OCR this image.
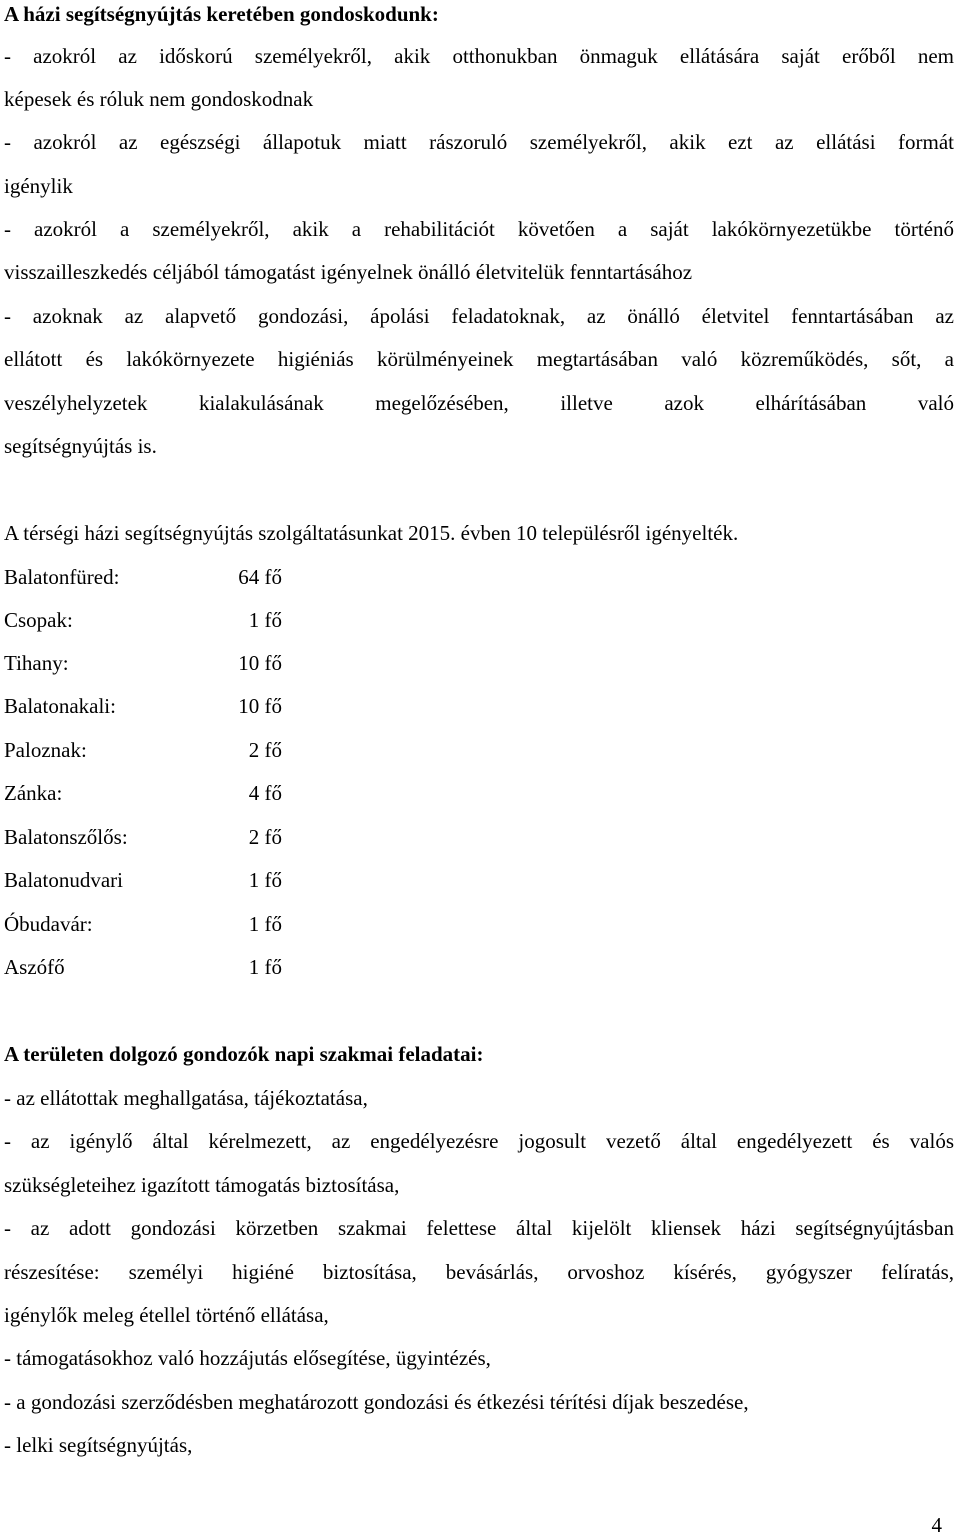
A házi segítségnyújtás keretében gondoskodunk:
- azokról az időskorú személyekről, akik otthonukban önmaguk ellátására saját erőből nem
képesek és róluk nem gondoskodnak
- azokról az egészségi állapotuk miatt rászoruló személyekről, akik ezt az ellátási formát
igénylik
- azokról a személyekről, akik a rehabilitációt követően a saját lakókörnyezetükbe történő
visszailleszkedés céljából támogatást igényelnek önálló életvitelük fenntartásához
- azoknak az alapvető gondozási, ápolási feladatoknak, az önálló életvitel fenntartásában az
ellátott és lakókörnyezete higiéniás körülményeinek megtartásában való közreműködés, sőt, a
veszélyhelyzetek kialakulásának megelőzésében, illetve azok elhárításában való
segítségnyújtás is.
A térségi házi segítségnyújtás szolgáltatásunkat 2015. évben 10 településről igényelték.
Balatonfüred:	64 fő
Csopak:	1 fő
Tihany:	10 fő
Balatonakali:	10 fő
Paloznak:	2 fő
Zánka:	4 fő
Balatonszőlős:	2 fő
Balatonudvari	1 fő
Óbudavár:	1 fő
Aszófő	1 fő
A területen dolgozó gondozók napi szakmai feladatai:
- az ellátottak meghallgatása, tájékoztatása,
- az igénylő által kérelmezett, az engedélyezésre jogosult vezető által engedélyezett és valós
szükségleteihez igazított támogatás biztosítása,
- az adott gondozási körzetben szakmai felettese által kijelölt kliensek házi segítségnyújtásban
részesítése: személyi higiéné biztosítása, bevásárlás, orvoshoz kísérés, gyógyszer felíratás,
igénylők meleg étellel történő ellátása,
- támogatásokhoz való hozzájutás elősegítése, ügyintézés,
- a gondozási szerződésben meghatározott gondozási és étkezési térítési díjak beszedése,
- lelki segítségnyújtás,
4
